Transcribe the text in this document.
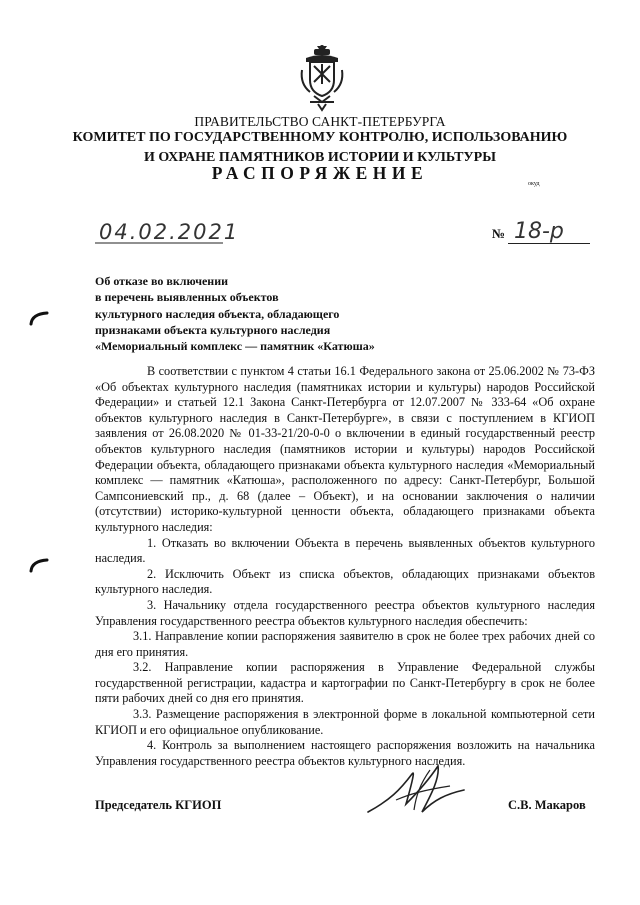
ПРАВИТЕЛЬСТВО САНКТ-ПЕТЕРБУРГА
КОМИТЕТ ПО ГОСУДАРСТВЕННОМУ КОНТРОЛЮ, ИСПОЛЬЗОВАНИЮ
И ОХРАНЕ ПАМЯТНИКОВ ИСТОРИИ И КУЛЬТУРЫ
РАСПОРЯЖЕНИЕ
окуд
04.02.2021	№ 18-р
Об отказе во включении
в перечень выявленных объектов
культурного наследия объекта, обладающего
признаками объекта культурного наследия
«Мемориальный комплекс — памятник «Катюша»

В соответствии с пунктом 4 статьи 16.1 Федерального закона от 25.06.2002 № 73-ФЗ «Об объектах культурного наследия (памятниках истории и культуры) народов Российской Федерации» и статьей 12.1 Закона Санкт-Петербурга от 12.07.2007 № 333-64 «Об охране объектов культурного наследия в Санкт-Петербурге», в связи с поступлением в КГИОП заявления от 26.08.2020 № 01-33-21/20-0-0 о включении в единый государственный реестр объектов культурного наследия (памятников истории и культуры) народов Российской Федерации объекта, обладающего признаками объекта культурного наследия «Мемориальный комплекс — памятник «Катюша», расположенного по адресу: Санкт-Петербург, Большой Сампсониевский пр., д. 68 (далее – Объект), и на основании заключения о наличии (отсутствии) историко-культурной ценности объекта, обладающего признаками объекта культурного наследия:

1. Отказать во включении Объекта в перечень выявленных объектов культурного наследия.

2. Исключить Объект из списка объектов, обладающих признаками объектов культурного наследия.

3. Начальнику отдела государственного реестра объектов культурного наследия Управления государственного реестра объектов культурного наследия обеспечить:

3.1. Направление копии распоряжения заявителю в срок не более трех рабочих дней со дня его принятия.

3.2. Направление копии распоряжения в Управление Федеральной службы государственной регистрации, кадастра и картографии по Санкт-Петербургу в срок не более пяти рабочих дней со дня его принятия.

3.3. Размещение распоряжения в электронной форме в локальной компьютерной сети КГИОП и его официальное опубликование.

4. Контроль за выполнением настоящего распоряжения возложить на начальника Управления государственного реестра объектов культурного наследия.

Председатель КГИОП	С.В. Макаров
